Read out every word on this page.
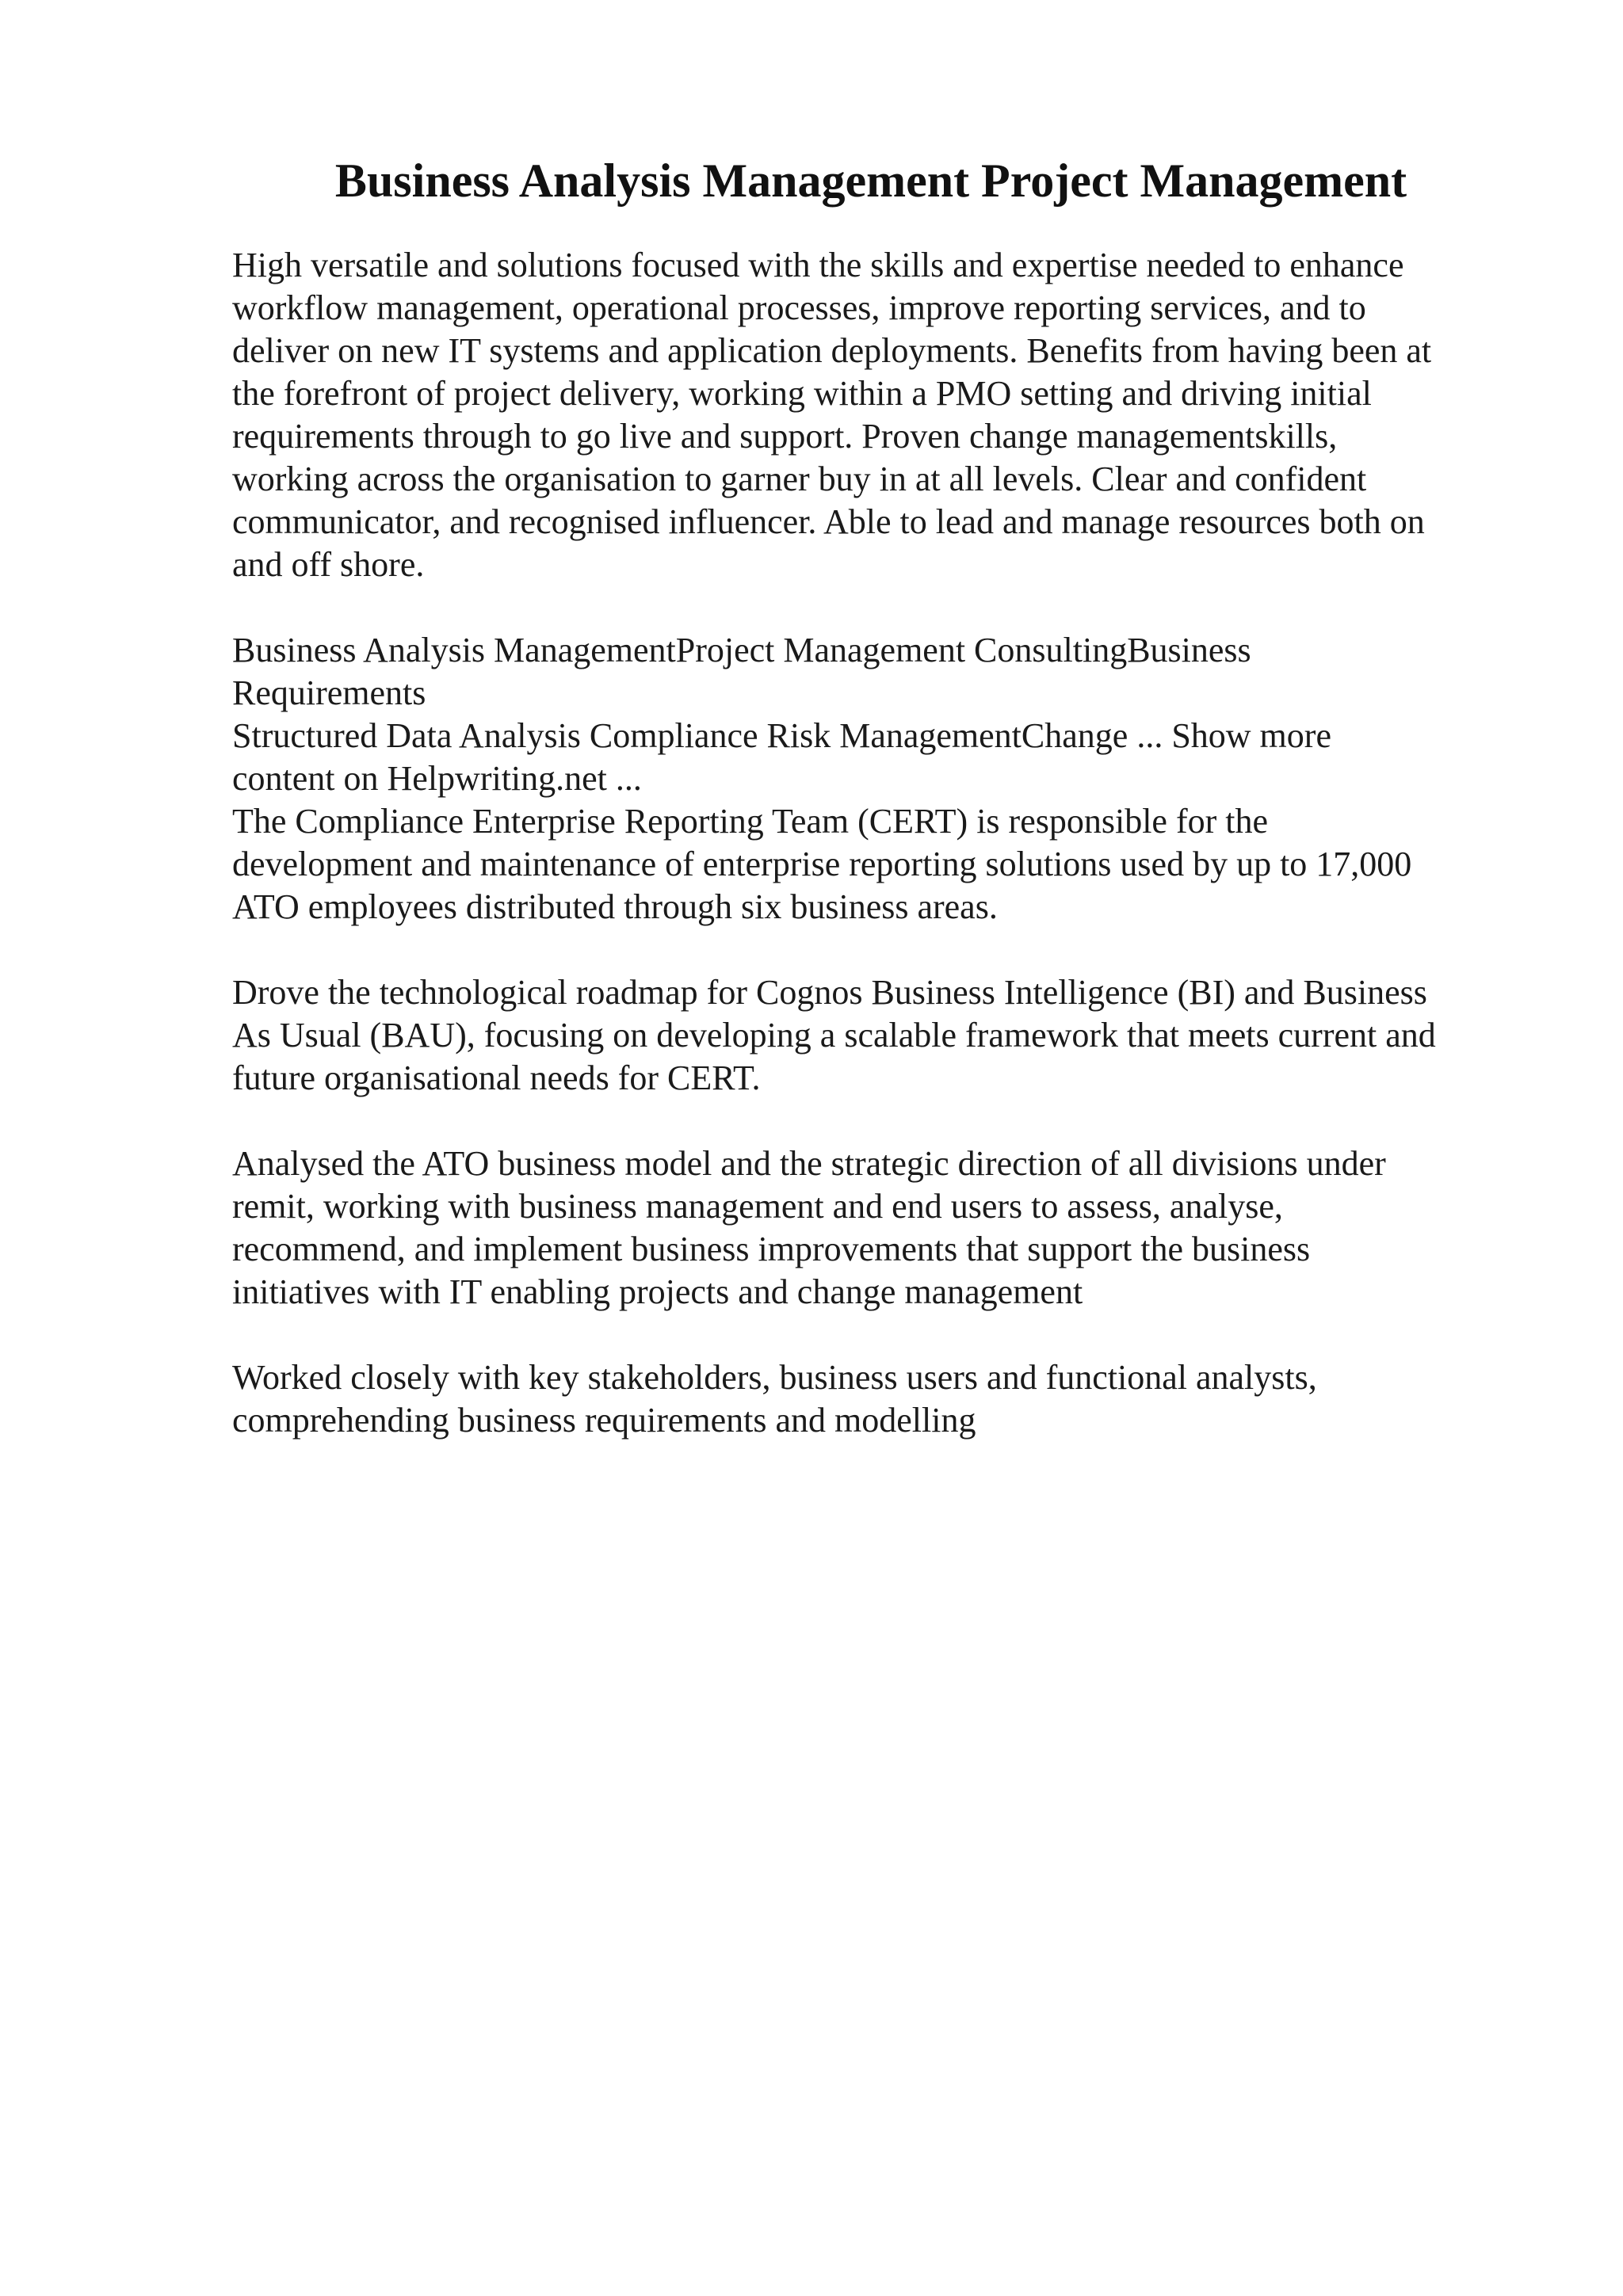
Business Analysis Management Project Management

High versatile and solutions focused with the skills and expertise needed to enhance
workflow management, operational processes, improve reporting services, and to
deliver on new IT systems and application deployments. Benefits from having been at
the forefront of project delivery, working within a PMO setting and driving initial
requirements through to go live and support. Proven change managementskills,
working across the organisation to garner buy in at all levels. Clear and confident
communicator, and recognised influencer. Able to lead and manage resources both on
and off shore.

Business Analysis ManagementProject Management ConsultingBusiness
Requirements
Structured Data Analysis Compliance Risk ManagementChange ... Show more
content on Helpwriting.net ...
The Compliance Enterprise Reporting Team (CERT) is responsible for the
development and maintenance of enterprise reporting solutions used by up to 17,000
ATO employees distributed through six business areas.

Drove the technological roadmap for Cognos Business Intelligence (BI) and Business
As Usual (BAU), focusing on developing a scalable framework that meets current and
future organisational needs for CERT.

Analysed the ATO business model and the strategic direction of all divisions under
remit, working with business management and end users to assess, analyse,
recommend, and implement business improvements that support the business
initiatives with IT enabling projects and change management

Worked closely with key stakeholders, business users and functional analysts,
comprehending business requirements and modelling
